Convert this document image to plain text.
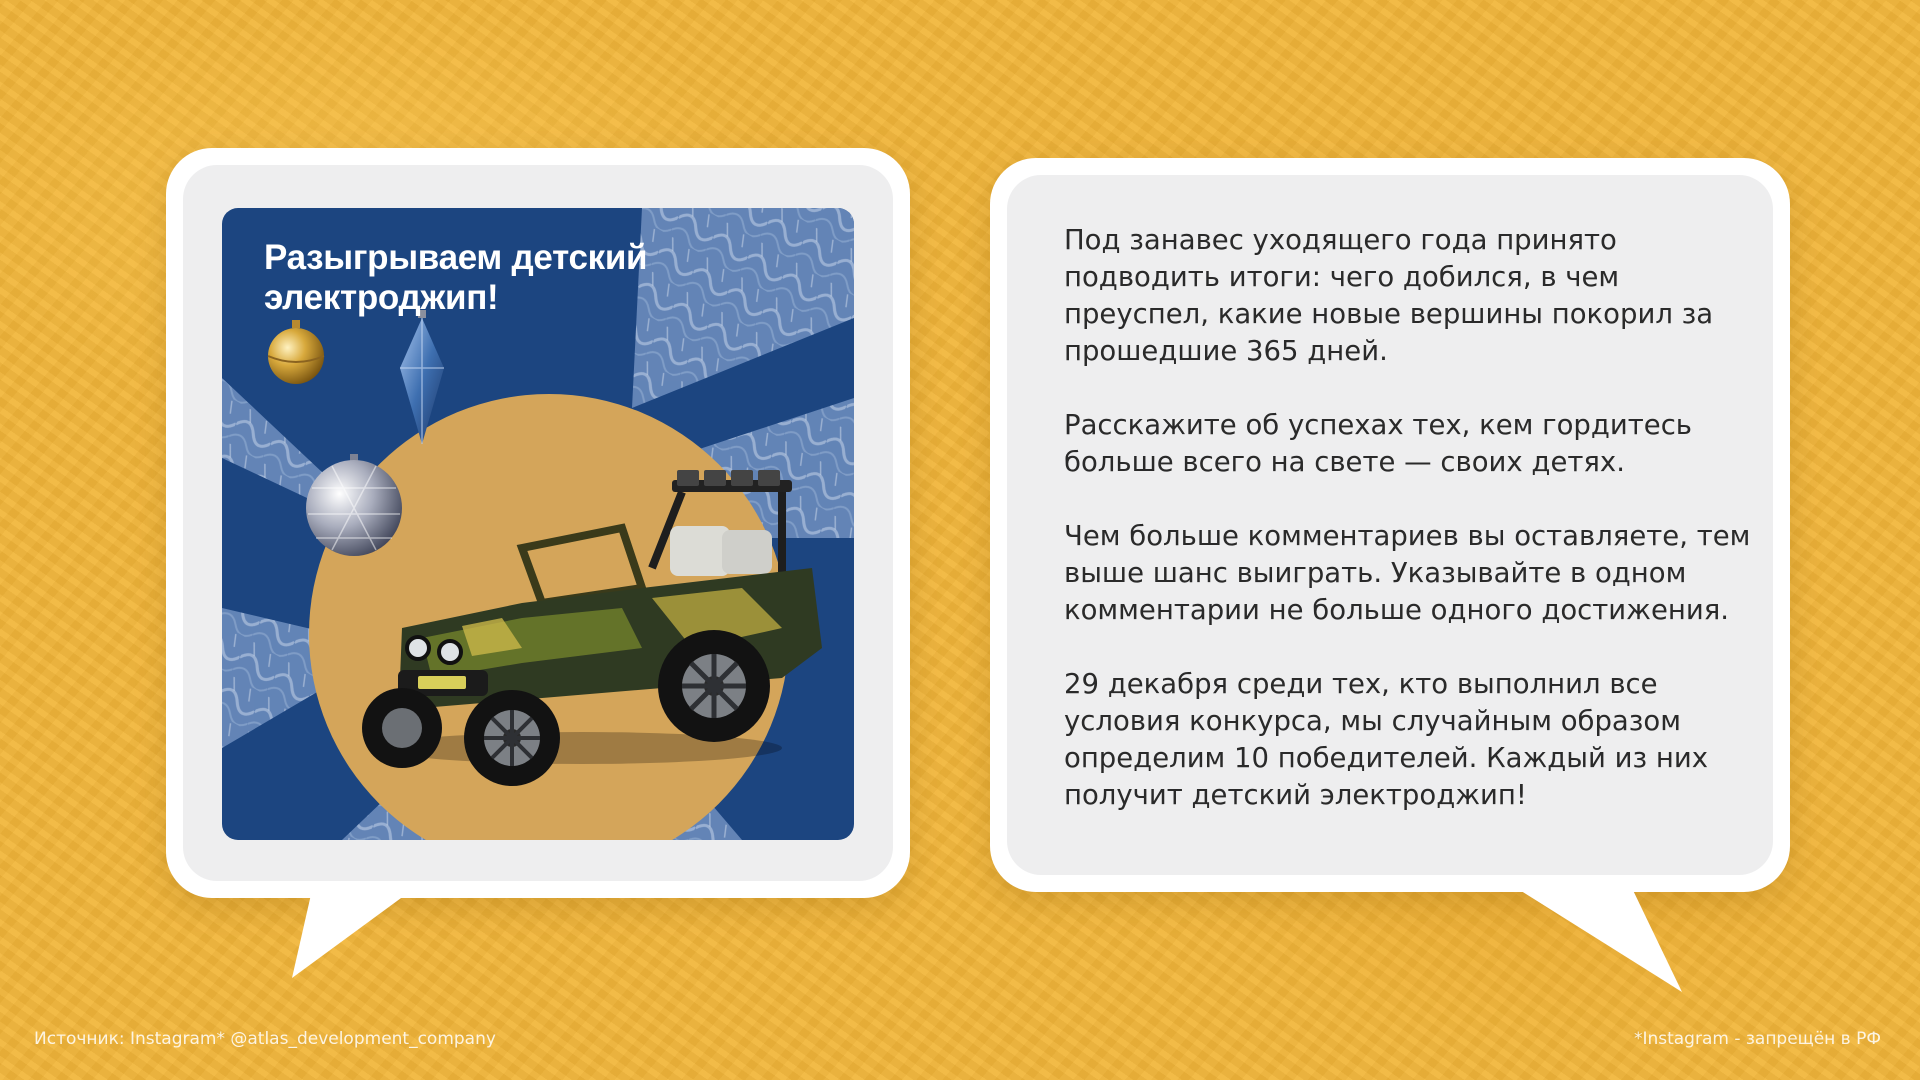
Разыгрываем детский электроджип!

Под занавес уходящего года принято подводить итоги: чего добился, в чем преуспел, какие новые вершины покорил за прошедшие 365 дней.

Расскажите об успехах тех, кем гордитесь больше всего на свете — своих детях.

Чем больше комментариев вы оставляете, тем выше шанс выиграть. Указывайте в одном комментарии не больше одного достижения.

29 декабря среди тех, кто выполнил все условия конкурса, мы случайным образом определим 10 победителей. Каждый из них получит детский электроджип!

Источник: Instagram* @atlas_development_company	*Instagram - запрещён в РФ
